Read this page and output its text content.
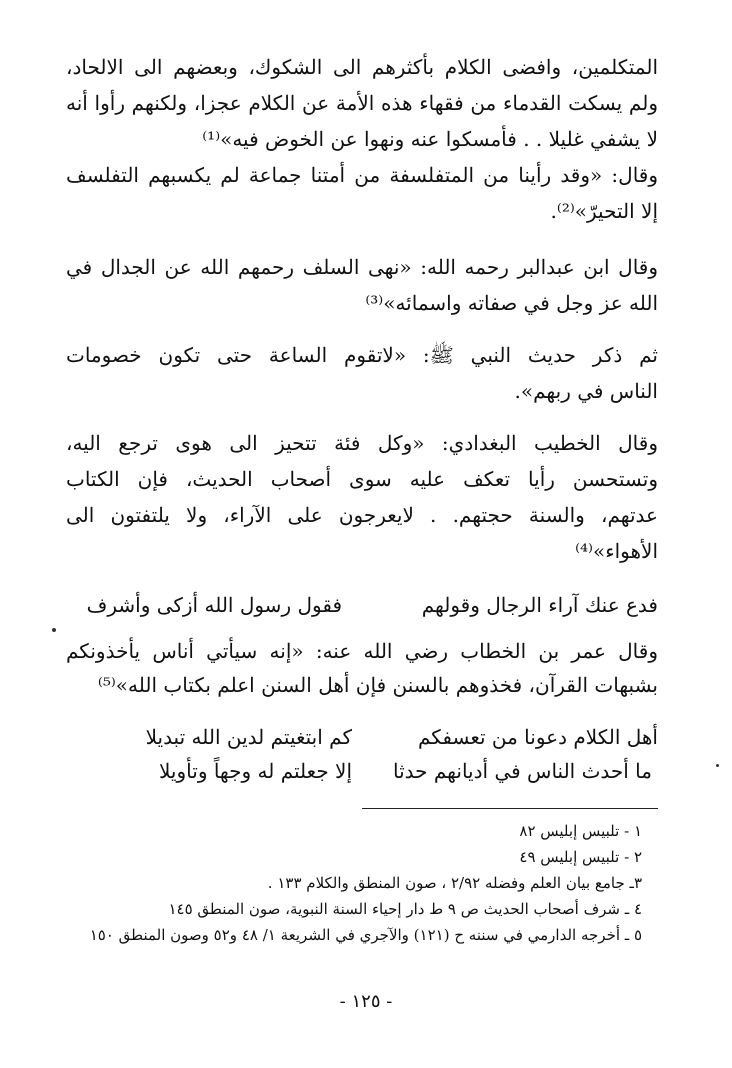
المتكلمين، وافضى الكلام بأكثرهم الى الشكوك، وبعضهم الى الالحاد،
ولم يسكت القدماء من فقهاء هذه الأمة عن الكلام عجزا، ولكنهم رأوا أنه
لا يشفي غليلا . . فأمسكوا عنه ونهوا عن الخوض فيه»⁽¹⁾
وقال: «وقد رأينا من المتفلسفة من أمتنا جماعة لم يكسبهم التفلسف
إلا التحيرّ»⁽²⁾.
وقال ابن عبدالبر رحمه الله: «نهى السلف رحمهم الله عن الجدال في
الله عز وجل في صفاته واسمائه»⁽³⁾
ثم ذكر حديث النبي ﷺ: «لاتقوم الساعة حتى تكون خصومات
الناس في ربهم».
وقال الخطيب البغدادي: «وكل فئة تتحيز الى هوى ترجع اليه،
وتستحسن رأيا تعكف عليه سوى أصحاب الحديث، فإن الكتاب
عدتهم، والسنة حجتهم. . لايعرجون على الآراء، ولا يلتفتون الى
الأهواء»⁽⁴⁾
فدع عنك آراء الرجال وقولهم
فقول رسول الله أزكى وأشرف
وقال عمر بن الخطاب رضي الله عنه: «إنه سيأتي أناس يأخذونكم
بشبهات القرآن، فخذوهم بالسنن فإن أهل السنن اعلم بكتاب الله»⁽⁵⁾
أهل الكلام دعونا من تعسفكم
كم ابتغيتم لدين الله تبديلا
ما أحدث الناس في أديانهم حدثا
إلا جعلتم له وجهاً وتأويلا
١ - تلبيس إبليس ٨٢
٢ - تلبيس إبليس ٤٩
٣ـ جامع بيان العلم وفضله ٢/٩٢ ، صون المنطق والكلام ١٣٣ .
٤ ـ شرف أصحاب الحديث ص ٩ ط دار إحياء السنة النبوية، صون المنطق ١٤٥
٥ ـ أخرجه الدارمي في سننه ح (١٢١) والآجري في الشريعة ١/ ٤٨ و٥٢ وصون المنطق ١٥٠
- ١٢٥ -
